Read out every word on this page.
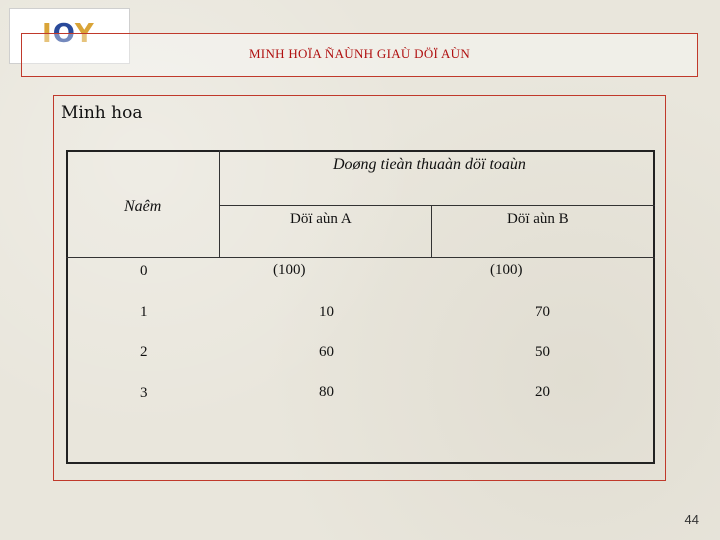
IOY
MINH HOÏA ÑAÙNH GIAÙ DÖÏ AÙN
Minh hoa
Doøng tieàn thuaàn döï toaùn
Naêm
Döï aùn A	Döï aùn B
0	(100)	(100)
1	10	70
2	60	50
3	80	20
44
